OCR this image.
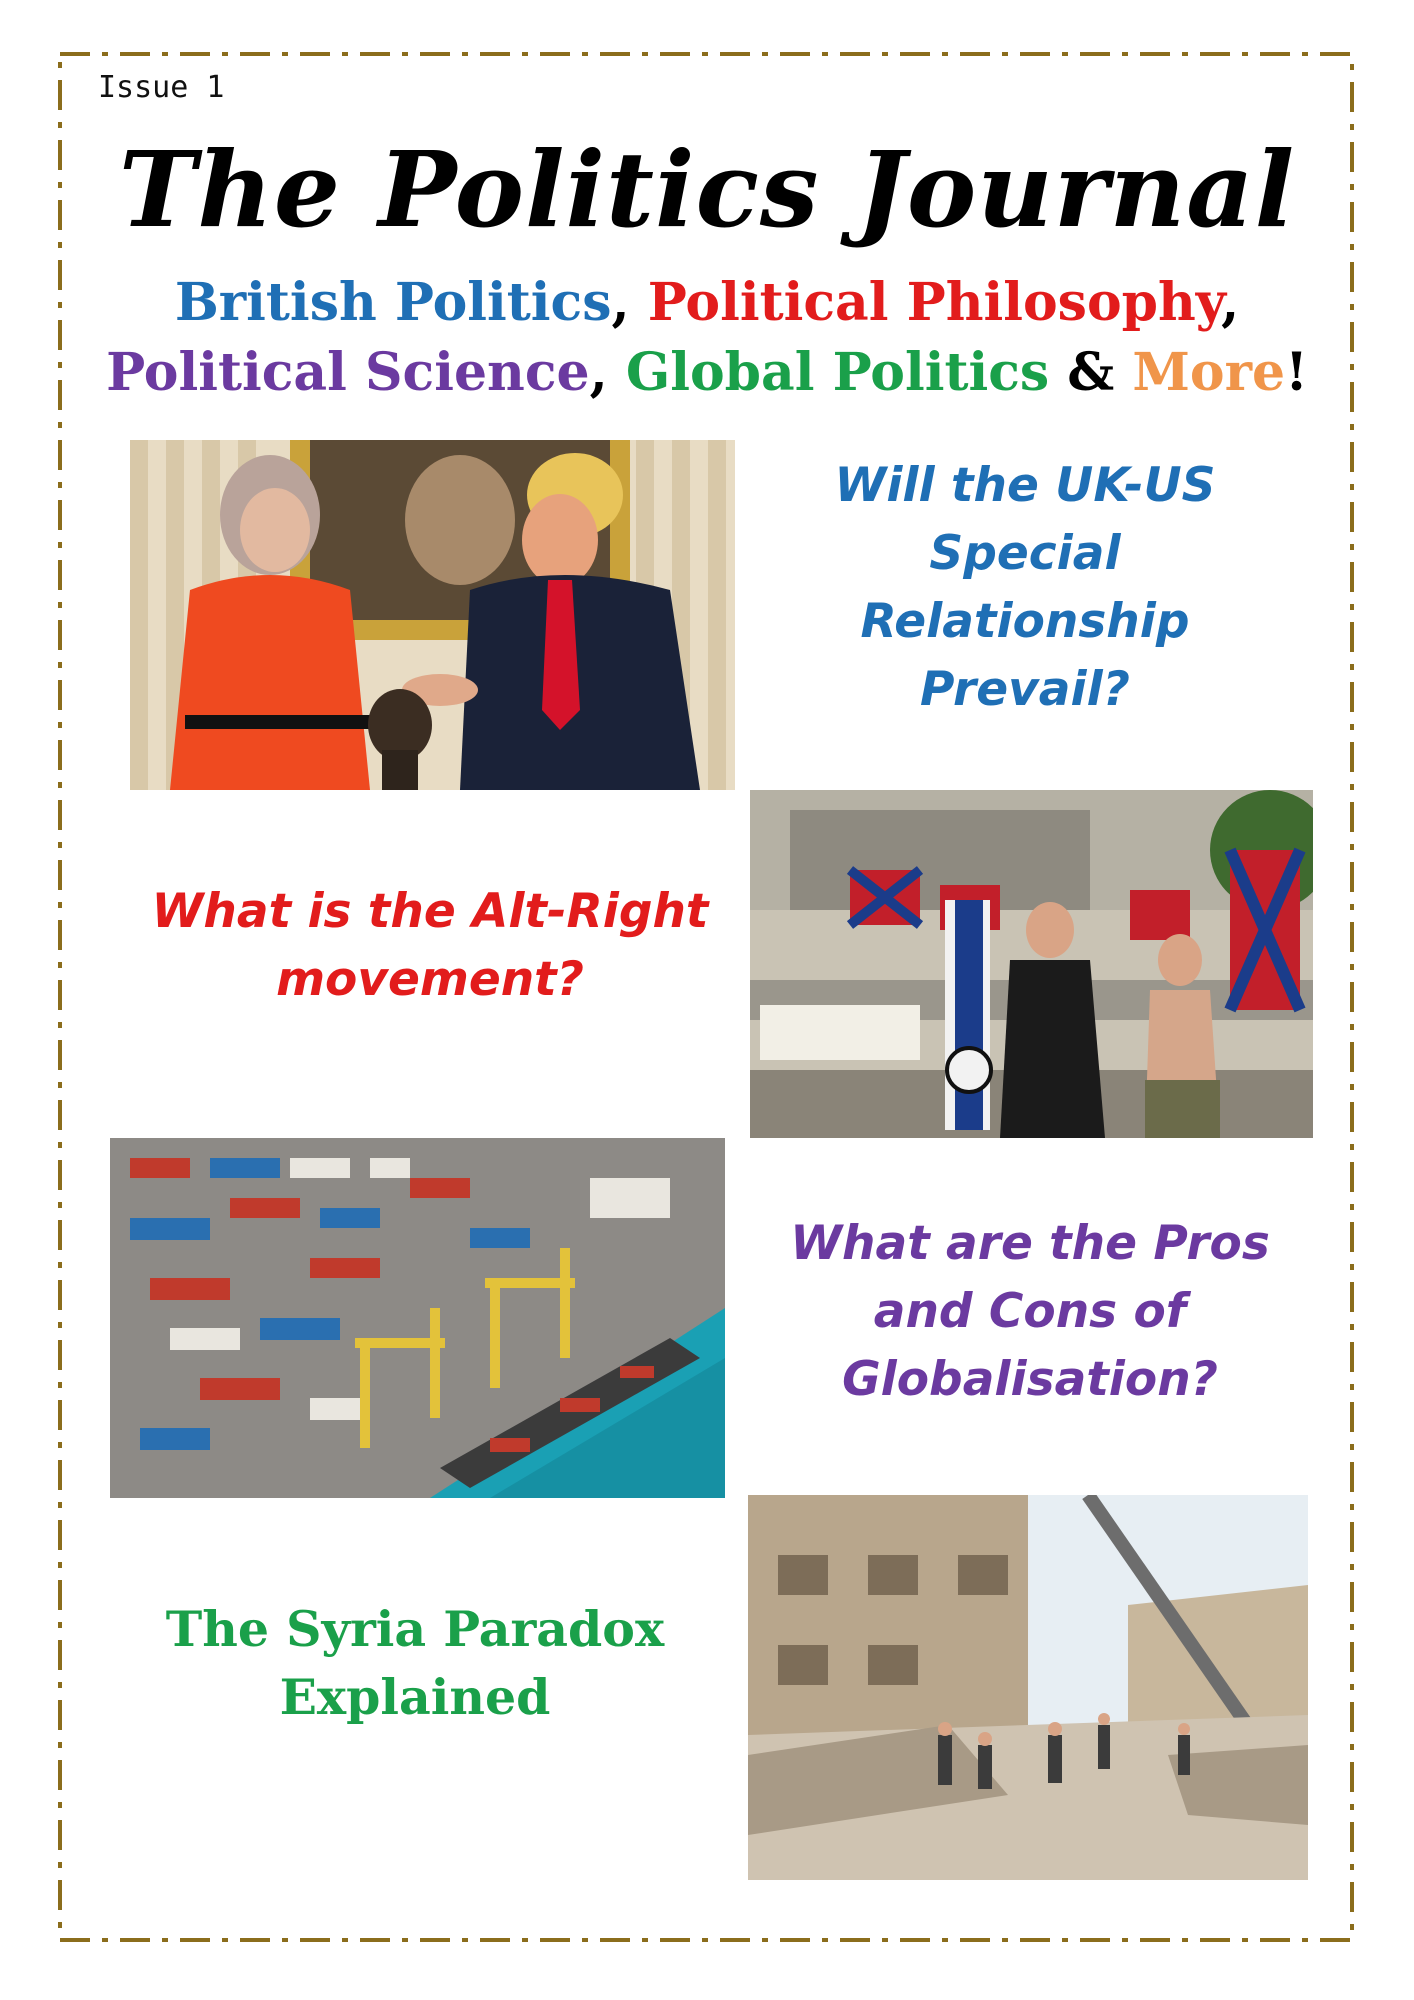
Issue 1
The Politics Journal
British Politics, Political Philosophy,
Political Science, Global Politics & More!
Will the UK-US Special Relationship Prevail?
What is the Alt-Right movement?
What are the Pros and Cons of Globalisation?
The Syria Paradox Explained
